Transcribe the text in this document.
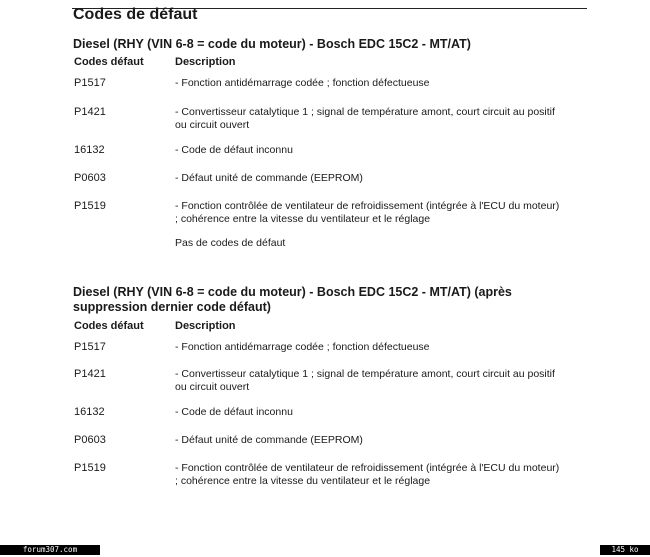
Codes de défaut
Diesel (RHY (VIN 6-8 = code du moteur) - Bosch EDC 15C2 - MT/AT)
Codes défaut	Description
P1517	- Fonction antidémarrage codée ; fonction défectueuse
P1421	- Convertisseur catalytique 1 ; signal de température amont, court circuit au positif ou circuit ouvert
16132	- Code de défaut inconnu
P0603	- Défaut unité de commande (EEPROM)
P1519	- Fonction contrôlée de ventilateur de refroidissement (intégrée à l'ECU du moteur) ; cohérence entre la vitesse du ventilateur et le réglage
Pas de codes de défaut
Diesel (RHY (VIN 6-8 = code du moteur) - Bosch EDC 15C2 - MT/AT) (après suppression dernier code défaut)
Codes défaut	Description
P1517	- Fonction antidémarrage codée ; fonction défectueuse
P1421	- Convertisseur catalytique 1 ; signal de température amont, court circuit au positif ou circuit ouvert
16132	- Code de défaut inconnu
P0603	- Défaut unité de commande (EEPROM)
P1519	- Fonction contrôlée de ventilateur de refroidissement (intégrée à l'ECU du moteur) ; cohérence entre la vitesse du ventilateur et le réglage
forum307.com	145 ko
